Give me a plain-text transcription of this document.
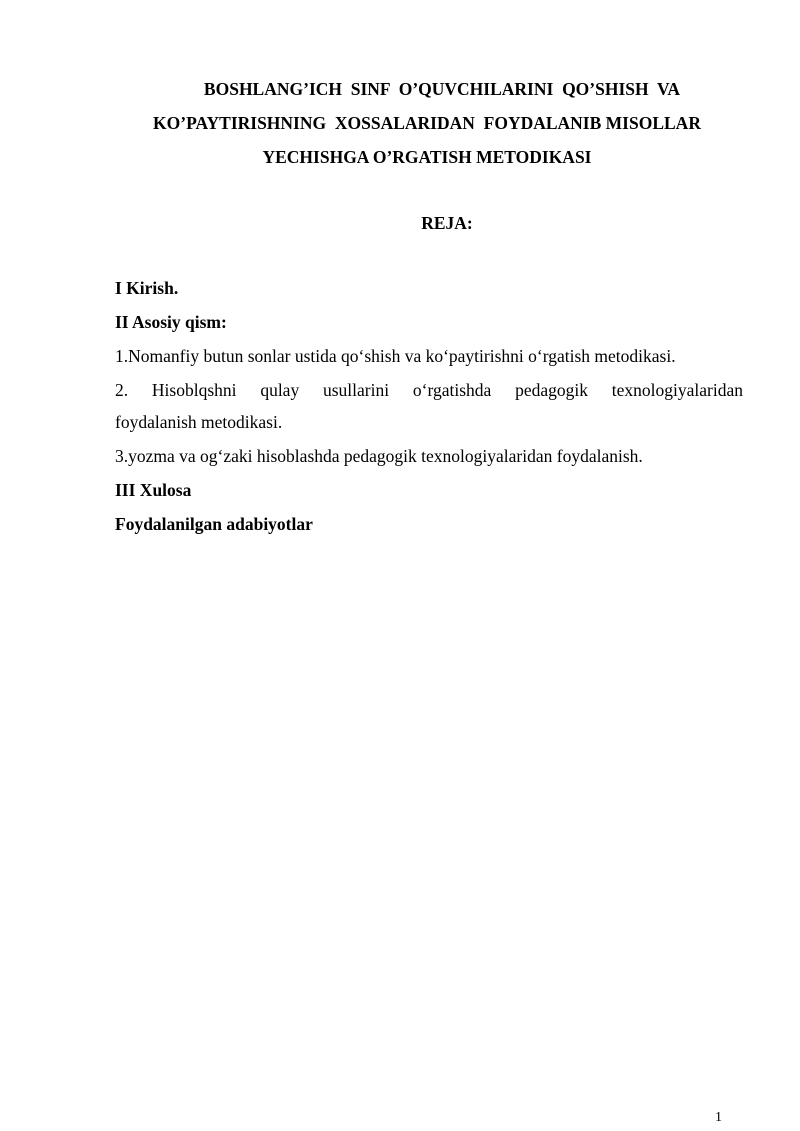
BOSHLANG’ICH  SINF  O’QUVCHILARINI  QO’SHISH  VA
KO’PAYTIRISHNING  XOSSALARIDAN  FOYDALANIB MISOLLAR
YECHISHGA O’RGATISH METODIKASI
REJA:
I Kirish.
II Asosiy qism:
1.Nomanfiy butun sonlar ustida qo‘shish va ko‘paytirishni o‘rgatish metodikasi.
2. Hisoblqshni qulay usullarini o‘rgatishda pedagogik texnologiyalaridan
foydalanish metodikasi.
3.yozma va og‘zaki hisoblashda pedagogik texnologiyalaridan foydalanish.
III Xulosa
Foydalanilgan adabiyotlar
1
